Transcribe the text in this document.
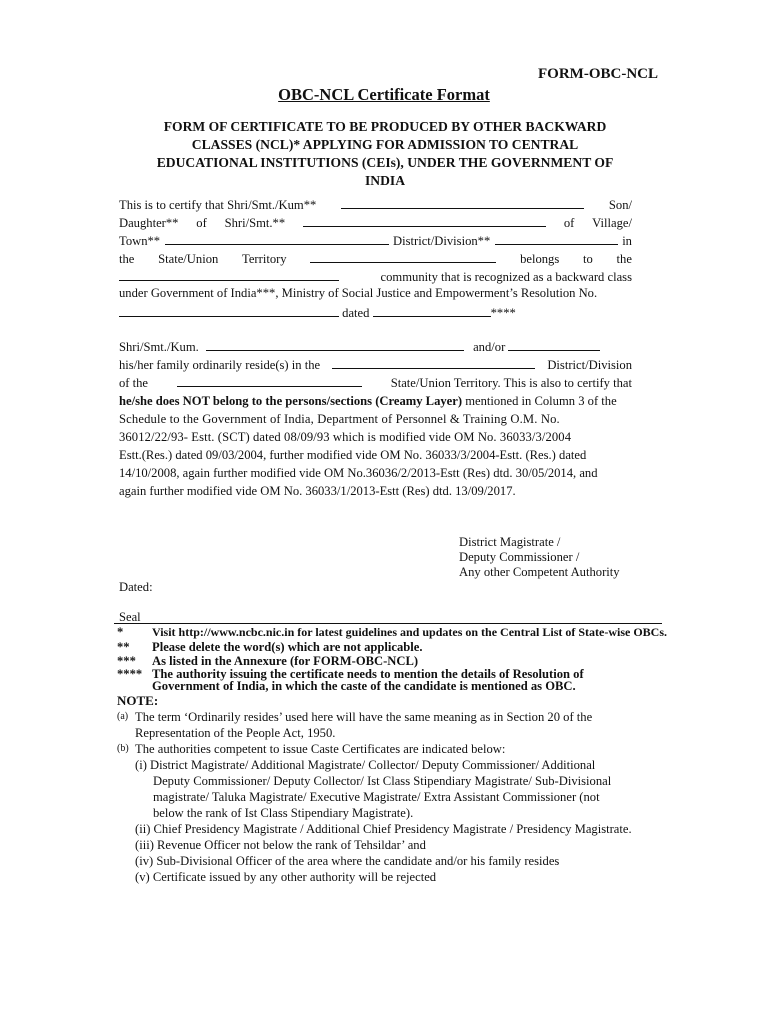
FORM-OBC-NCL
OBC-NCL Certificate Format
FORM OF CERTIFICATE TO BE PRODUCED BY OTHER BACKWARD
CLASSES (NCL)* APPLYING FOR ADMISSION TO CENTRAL
EDUCATIONAL INSTITUTIONS (CEIs), UNDER THE GOVERNMENT OF
INDIA
This is to certify that Shri/Smt./Kum**	Son/
Daughter** of Shri/Smt.**	of Village/
Town**	District/Division**	in
the State/Union Territory	belongs to the
community that is recognized as a backward class
under Government of India***, Ministry of Social Justice and Empowerment’s Resolution No.
dated	****
Shri/Smt./Kum.	and/or
his/her family ordinarily reside(s) in the	District/Division
of the	State/Union Territory. This is also to certify that
he/she does NOT belong to the persons/sections (Creamy Layer) mentioned in Column 3 of the
Schedule to the Government of India, Department of Personnel & Training O.M. No.
36012/22/93- Estt. (SCT) dated 08/09/93 which is modified vide OM No. 36033/3/2004
Estt.(Res.) dated 09/03/2004, further modified vide OM No. 36033/3/2004-Estt. (Res.) dated
14/10/2008, again further modified vide OM No.36036/2/2013-Estt (Res) dtd. 30/05/2014, and
again further modified vide OM No. 36033/1/2013-Estt (Res) dtd. 13/09/2017.
District Magistrate /
Deputy Commissioner /
Any other Competent Authority
Dated:
Seal
* Visit http://www.ncbc.nic.in for latest guidelines and updates on the Central List of State-wise OBCs.
** Please delete the word(s) which are not applicable.
*** As listed in the Annexure (for FORM-OBC-NCL)
**** The authority issuing the certificate needs to mention the details of Resolution of
Government of India, in which the caste of the candidate is mentioned as OBC.
NOTE:
(a) The term ‘Ordinarily resides’ used here will have the same meaning as in Section 20 of the
Representation of the People Act, 1950.
(b) The authorities competent to issue Caste Certificates are indicated below:
(i) District Magistrate/ Additional Magistrate/ Collector/ Deputy Commissioner/ Additional
Deputy Commissioner/ Deputy Collector/ Ist Class Stipendiary Magistrate/ Sub-Divisional
magistrate/ Taluka Magistrate/ Executive Magistrate/ Extra Assistant Commissioner (not
below the rank of Ist Class Stipendiary Magistrate).
(ii) Chief Presidency Magistrate / Additional Chief Presidency Magistrate / Presidency Magistrate.
(iii) Revenue Officer not below the rank of Tehsildar’ and
(iv) Sub-Divisional Officer of the area where the candidate and/or his family resides
(v) Certificate issued by any other authority will be rejected
